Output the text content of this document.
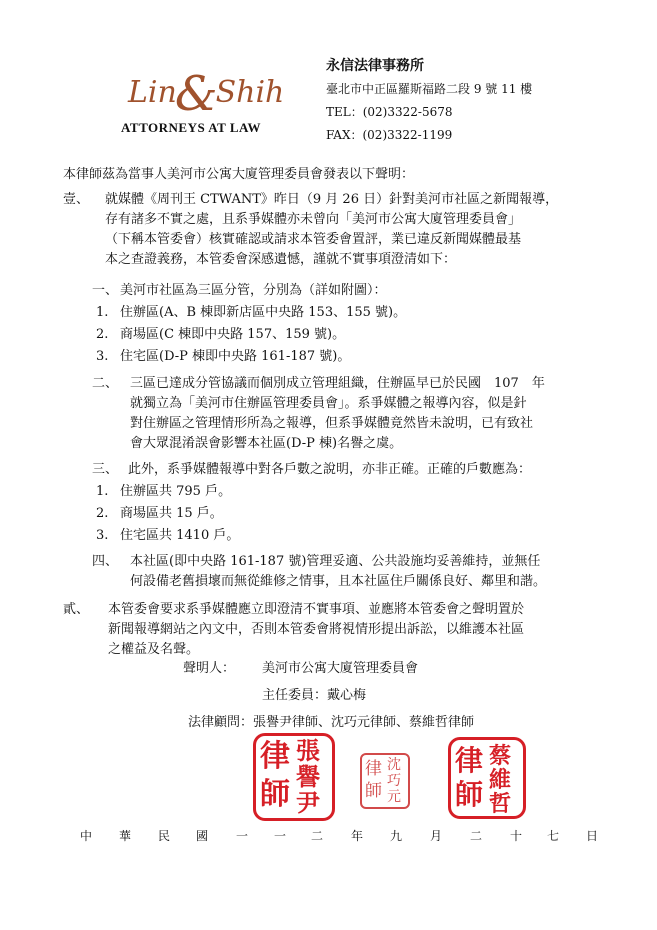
Lin&Shih
ATTORNEYS AT LAW
永信法律事務所
臺北市中正區羅斯福路二段 9 號 11 樓
TEL：(02)3322-5678
FAX：(02)3322-1199
本律師茲為當事人美河市公寓大廈管理委員會發表以下聲明：
壹、 就媒體《周刊王 CTWANT》昨日（9 月 26 日）針對美河市社區之新聞報導，
存有諸多不實之處，且系爭媒體亦未曾向「美河市公寓大廈管理委員會」
（下稱本管委會）核實確認或請求本管委會置評，業已違反新聞媒體最基
本之查證義務，本管委會深感遺憾，謹就不實事項澄清如下：
一、 美河市社區為三區分管，分別為（詳如附圖）：
1. 住辦區(A、B 棟即新店區中央路 153、155 號)。
2. 商場區(C 棟即中央路 157、159 號)。
3. 住宅區(D-P 棟即中央路 161-187 號)。
二、 三區已達成分管協議而個別成立管理組織，住辦區早已於民國　107　年
就獨立為「美河市住辦區管理委員會」。系爭媒體之報導內容，似是針
對住辦區之管理情形所為之報導，但系爭媒體竟然皆未說明，已有致社
會大眾混淆誤會影響本社區(D-P 棟)名譽之虞。
三、 此外，系爭媒體報導中對各戶數之說明，亦非正確。正確的戶數應為：
1. 住辦區共 795 戶。
2. 商場區共 15 戶。
3. 住宅區共 1410 戶。
四、 本社區(即中央路 161-187 號)管理妥適、公共設施均妥善維持，並無任
何設備老舊損壞而無從維修之情事，且本社區住戶關係良好、鄰里和諧。
貳、 本管委會要求系爭媒體應立即澄清不實事項、並應將本管委會之聲明置於
新聞報導網站之內文中，否則本管委會將視情形提出訴訟，以維護本社區
之權益及名聲。
聲明人： 美河市公寓大廈管理委員會
主任委員：戴心梅
法律顧問：張譽尹律師、沈巧元律師、蔡維哲律師
律
師
張
譽
尹
律
師
沈
巧
元
律
師
蔡
維
哲
中 華 民 國 一 一 二 年 九 月 二 十 七 日
